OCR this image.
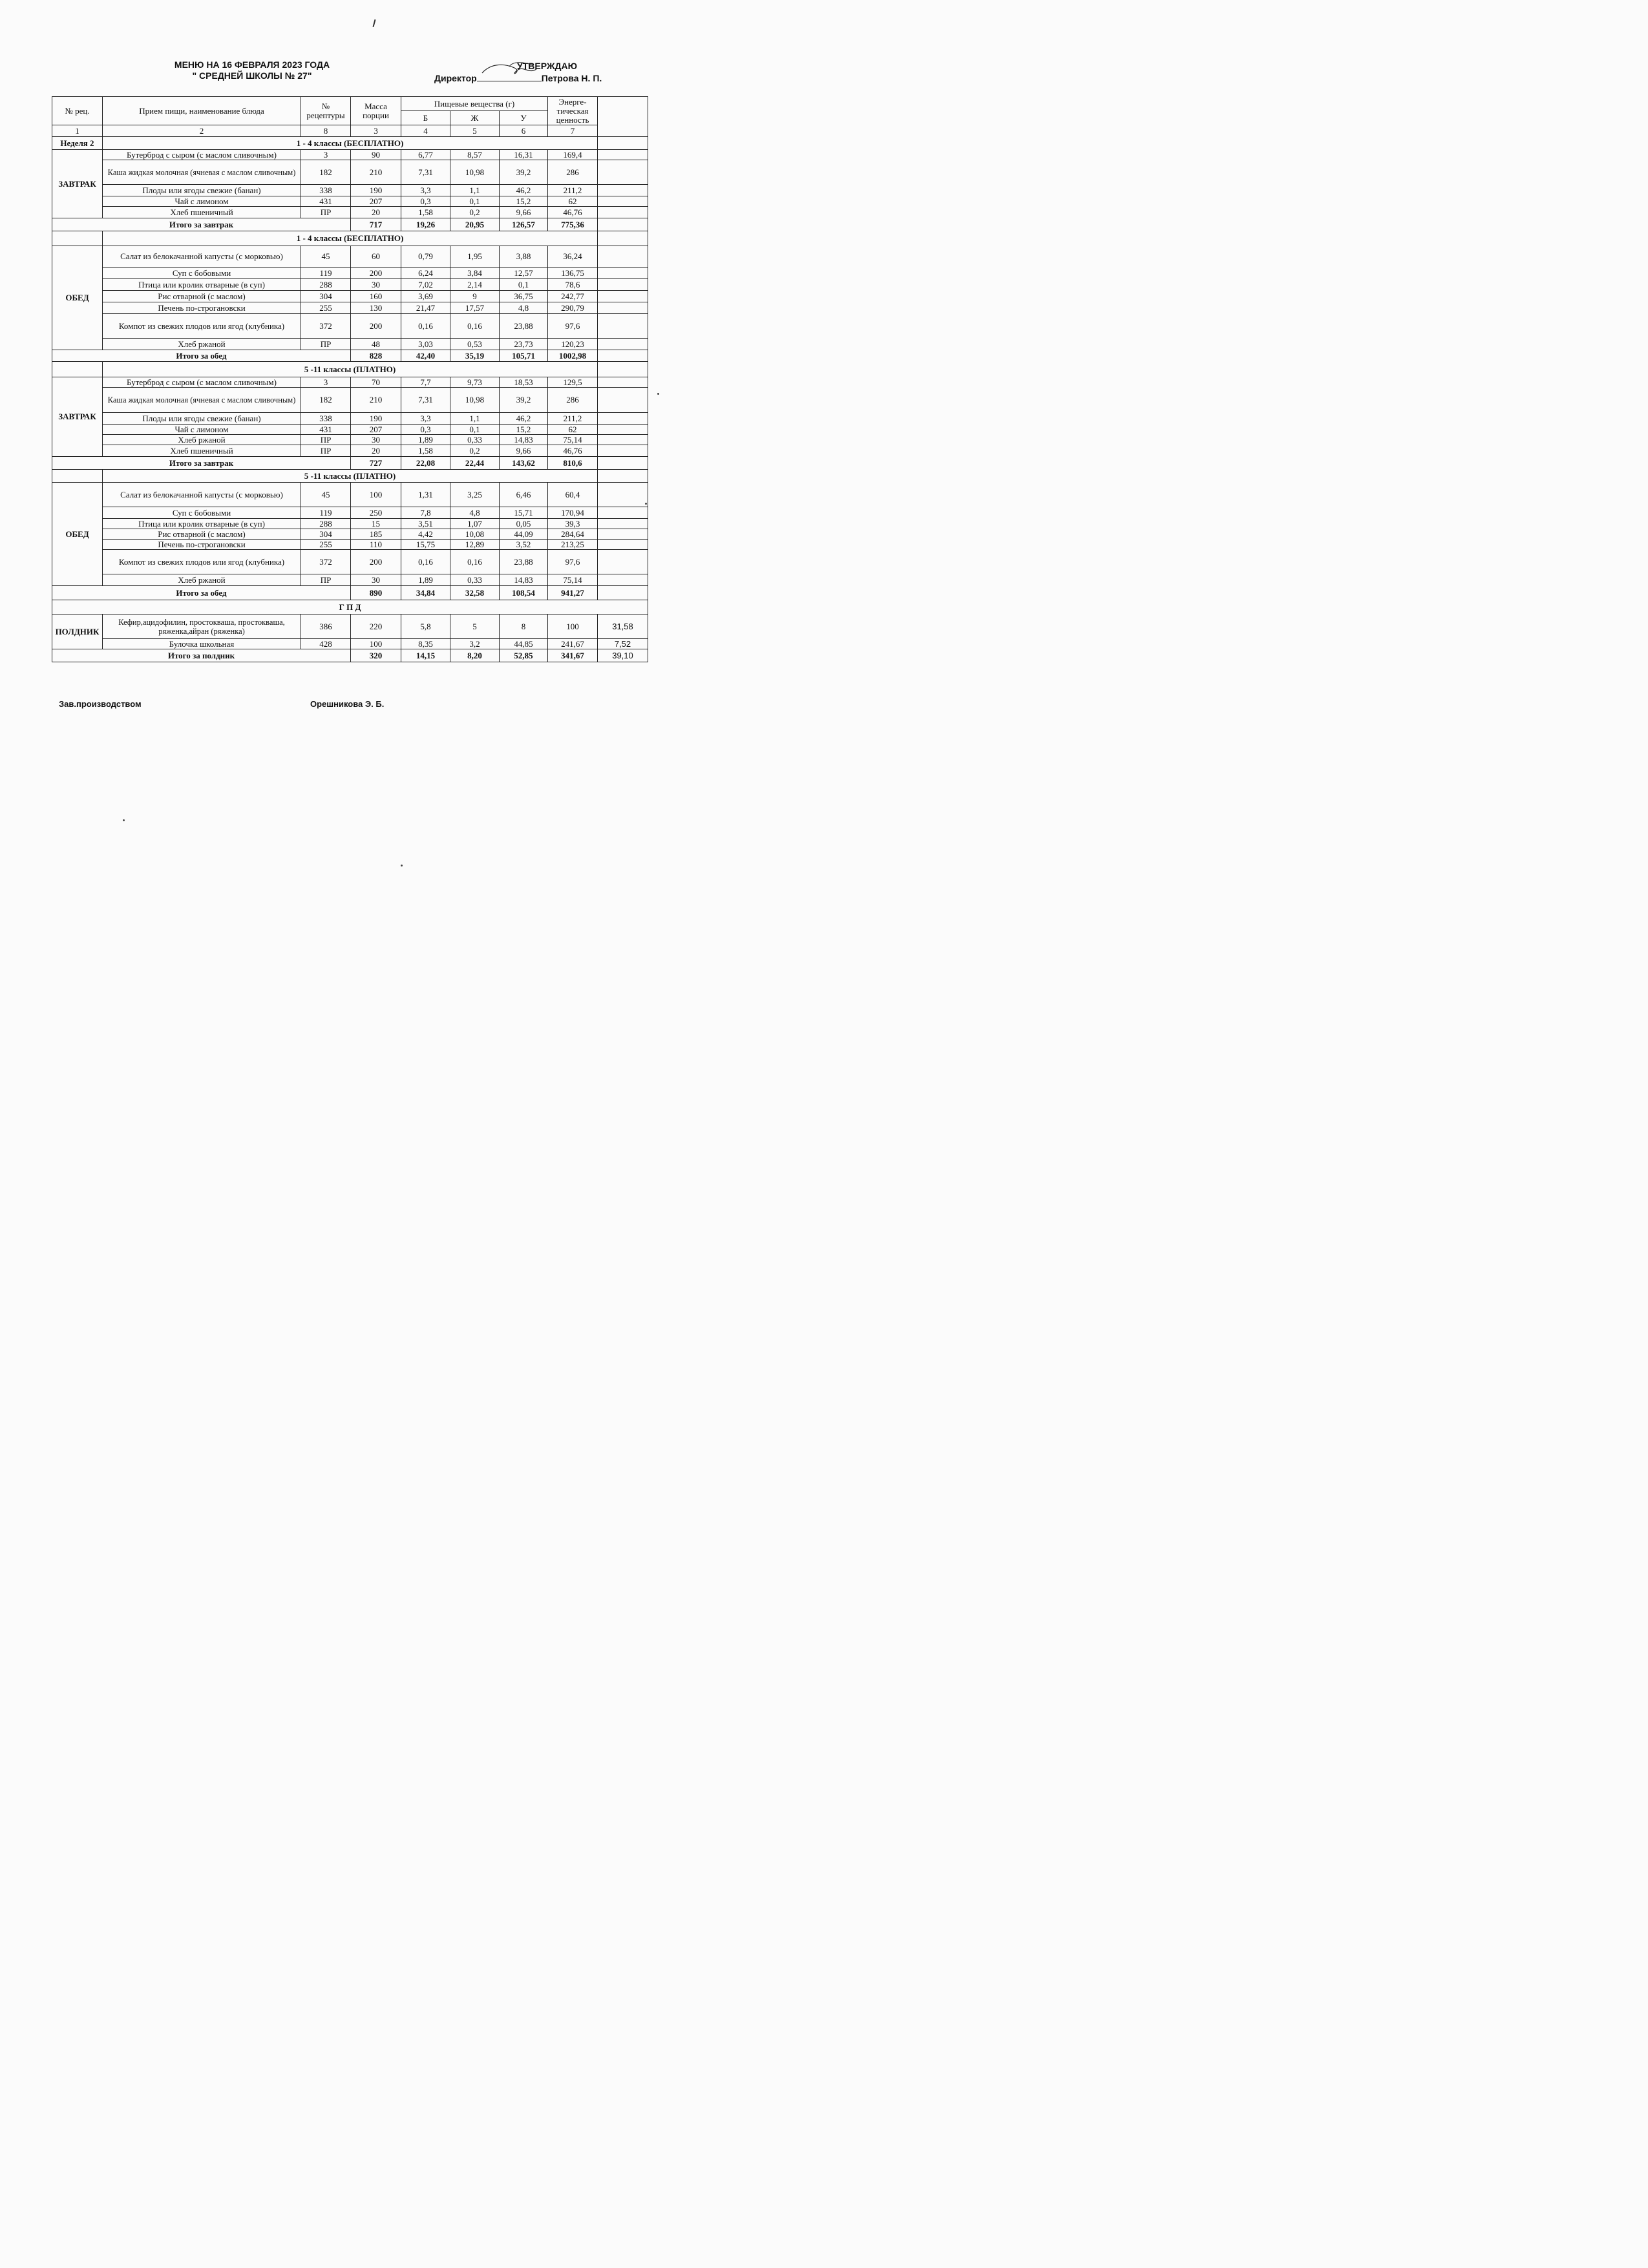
МЕНЮ НА 16 ФЕВРАЛЯ 2023 ГОДА
" СРЕДНЕЙ ШКОЛЫ № 27"
УТВЕРЖДАЮ
Директор	Петрова Н. П.
№ рец.	Прием пищи, наименование блюда	№ рецептуры	Масса порции	Пищевые вещества (г)			Энерге-тическая ценность	
				Б	Ж	У		
1	2	8	3	4	5	6	7	
Неделя 2	1 - 4 классы (БЕСПЛАТНО)							
ЗАВТРАК	Бутерброд с сыром (с маслом сливочным)	3	90	6,77	8,57	16,31	169,4	
	Каша жидкая молочная (ячневая с маслом сливочным)	182	210	7,31	10,98	39,2	286	
	Плоды или ягоды свежие (банан)	338	190	3,3	1,1	46,2	211,2	
	Чай с лимоном	431	207	0,3	0,1	15,2	62	
	Хлеб пшеничный	ПР	20	1,58	0,2	9,66	46,76	
Итого за завтрак			717	19,26	20,95	126,57	775,36	
	1 - 4 классы (БЕСПЛАТНО)							
ОБЕД	Салат из белокачанной капусты (с морковью)	45	60	0,79	1,95	3,88	36,24	
	Суп с бобовыми	119	200	6,24	3,84	12,57	136,75	
	Птица или кролик отварные (в суп)	288	30	7,02	2,14	0,1	78,6	
	Рис отварной (с маслом)	304	160	3,69	9	36,75	242,77	
	Печень по-строгановски	255	130	21,47	17,57	4,8	290,79	
	Компот из свежих плодов или ягод (клубника)	372	200	0,16	0,16	23,88	97,6	
	Хлеб ржаной	ПР	48	3,03	0,53	23,73	120,23	
Итого за обед			828	42,40	35,19	105,71	1002,98	
	5 -11 классы (ПЛАТНО)							
ЗАВТРАК	Бутерброд с сыром (с маслом сливочным)	3	70	7,7	9,73	18,53	129,5	
	Каша жидкая молочная (ячневая с маслом сливочным)	182	210	7,31	10,98	39,2	286	
	Плоды или ягоды свежие (банан)	338	190	3,3	1,1	46,2	211,2	
	Чай с лимоном	431	207	0,3	0,1	15,2	62	
	Хлеб ржаной	ПР	30	1,89	0,33	14,83	75,14	
	Хлеб пшеничный	ПР	20	1,58	0,2	9,66	46,76	
Итого за завтрак			727	22,08	22,44	143,62	810,6	
	5 -11 классы (ПЛАТНО)							
ОБЕД	Салат из белокачанной капусты (с морковью)	45	100	1,31	3,25	6,46	60,4	
	Суп с бобовыми	119	250	7,8	4,8	15,71	170,94	
	Птица или кролик отварные (в суп)	288	15	3,51	1,07	0,05	39,3	
	Рис отварной (с маслом)	304	185	4,42	10,08	44,09	284,64	
	Печень по-строгановски	255	110	15,75	12,89	3,52	213,25	
	Компот из свежих плодов или ягод (клубника)	372	200	0,16	0,16	23,88	97,6	
	Хлеб ржаной	ПР	30	1,89	0,33	14,83	75,14	
Итого за обед			890	34,84	32,58	108,54	941,27	
Г П Д								
ПОЛДНИК	Кефир,ацидофилин, простокваша, простокваша, ряженка,айран (ряженка)	386	220	5,8	5	8	100	31,58
	Булочка школьная	428	100	8,35	3,2	44,85	241,67	7,52
Итого за полдник			320	14,15	8,20	52,85	341,67	39,10
Зав.производством	Орешникова Э. Б.
